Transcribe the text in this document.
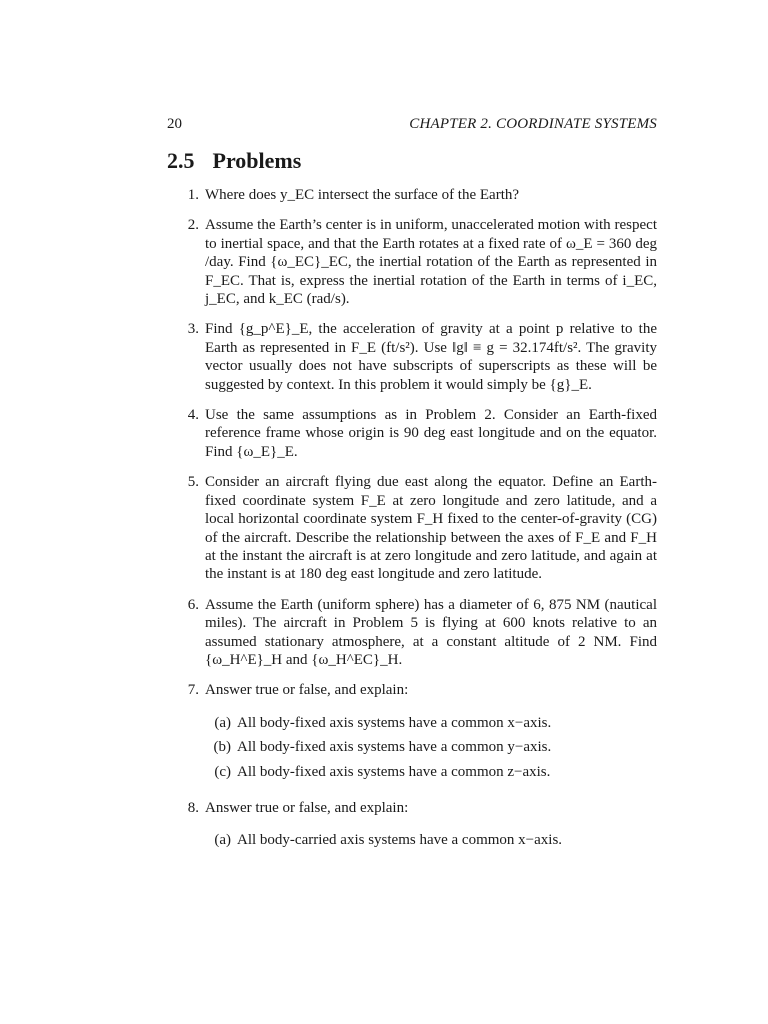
20	CHAPTER 2. COORDINATE SYSTEMS
2.5 Problems
1. Where does y_EC intersect the surface of the Earth?
2. Assume the Earth’s center is in uniform, unaccelerated motion with respect to inertial space, and that the Earth rotates at a fixed rate of ω_E = 360 deg /day. Find {ω_EC}_EC, the inertial rotation of the Earth as represented in F_EC. That is, express the inertial rotation of the Earth in terms of i_EC, j_EC, and k_EC (rad/s).
3. Find {g_p^E}_E, the acceleration of gravity at a point p relative to the Earth as represented in F_E (ft/s²). Use ‖g‖ ≡ g = 32.174ft/s². The gravity vector usually does not have subscripts of superscripts as these will be suggested by context. In this problem it would simply be {g}_E.
4. Use the same assumptions as in Problem 2. Consider an Earth-fixed reference frame whose origin is 90 deg east longitude and on the equator. Find {ω_E}_E.
5. Consider an aircraft flying due east along the equator. Define an Earth-fixed coordinate system F_E at zero longitude and zero latitude, and a local horizontal coordinate system F_H fixed to the center-of-gravity (CG) of the aircraft. Describe the relationship between the axes of F_E and F_H at the instant the aircraft is at zero longitude and zero latitude, and again at the instant is at 180 deg east longitude and zero latitude.
6. Assume the Earth (uniform sphere) has a diameter of 6, 875 NM (nautical miles). The aircraft in Problem 5 is flying at 600 knots relative to an assumed stationary atmosphere, at a constant altitude of 2 NM. Find {ω_H^E}_H and {ω_H^EC}_H.
7. Answer true or false, and explain:
(a) All body-fixed axis systems have a common x−axis.
(b) All body-fixed axis systems have a common y−axis.
(c) All body-fixed axis systems have a common z−axis.
8. Answer true or false, and explain:
(a) All body-carried axis systems have a common x−axis.
